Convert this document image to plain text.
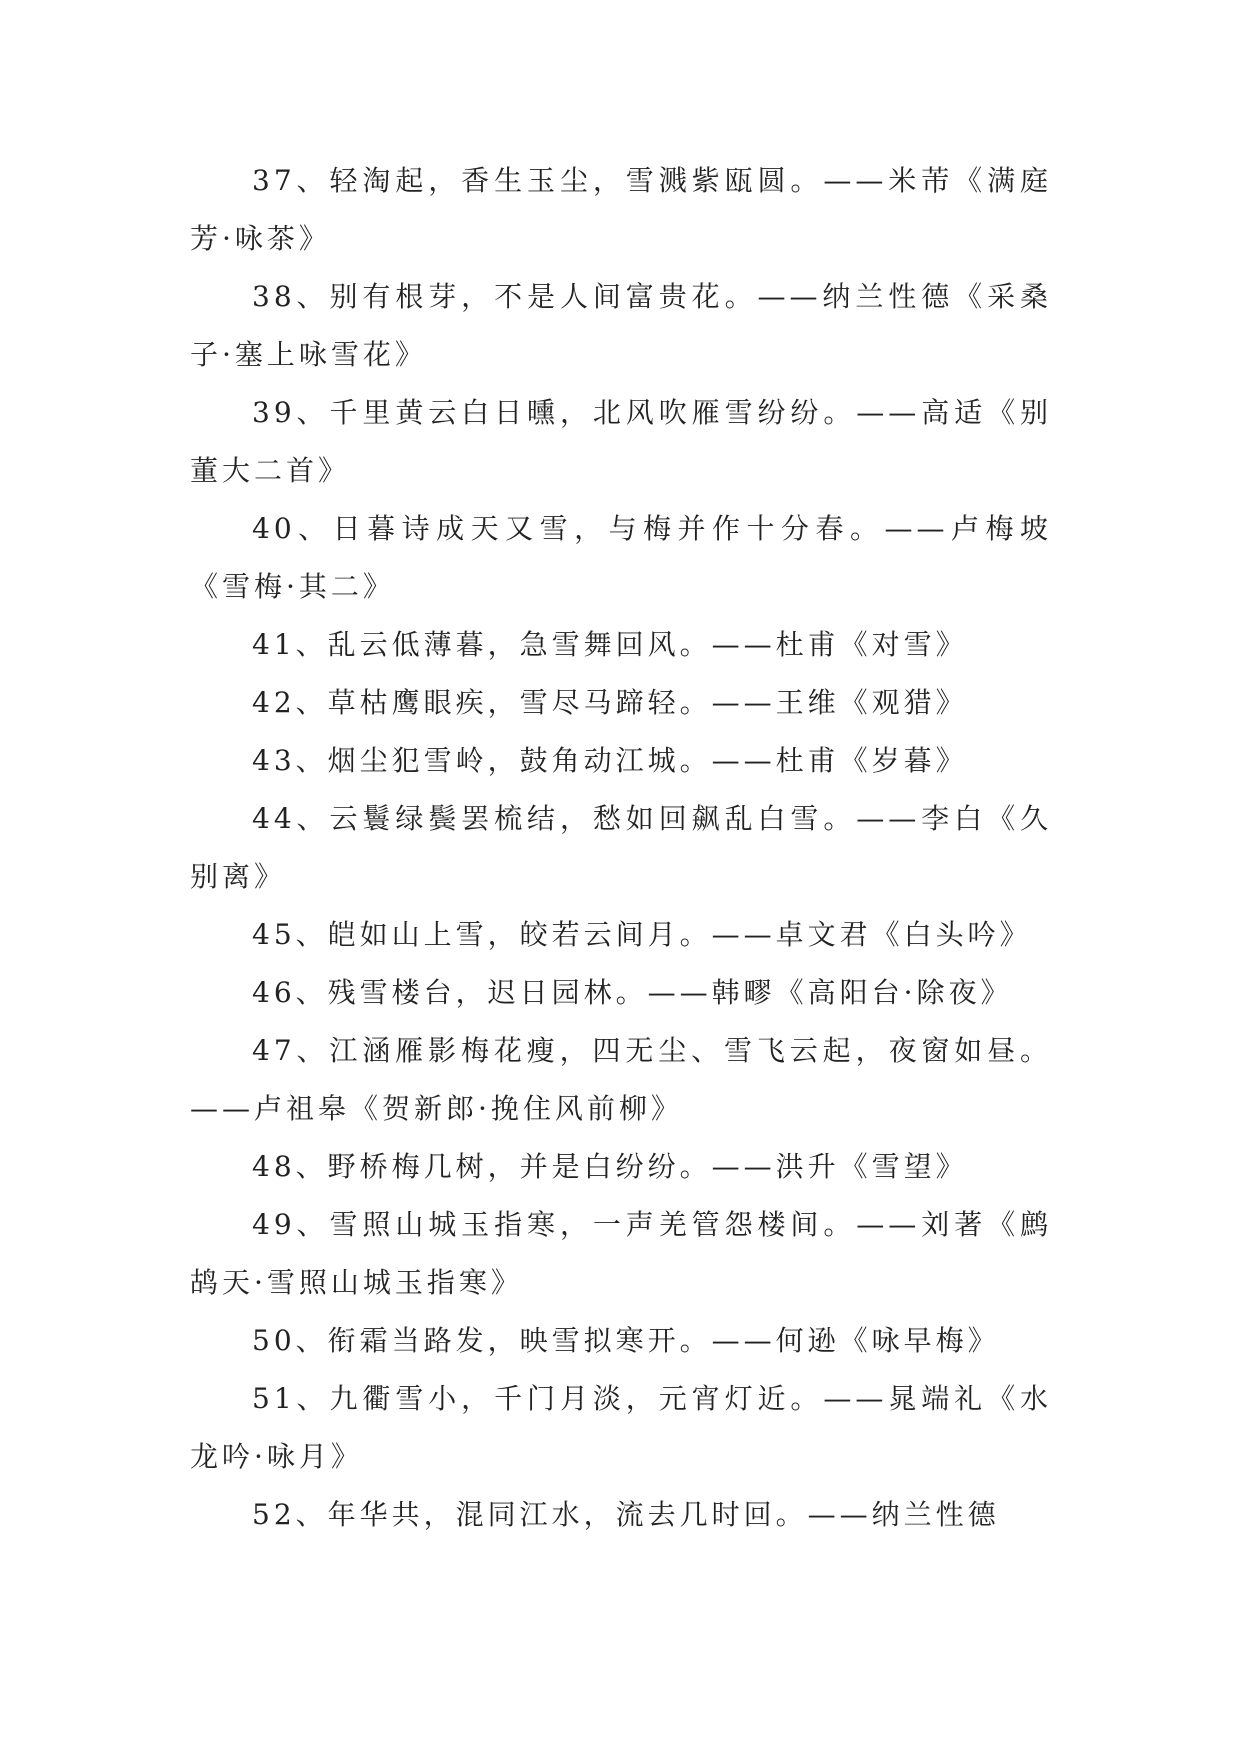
37、轻淘起，香生玉尘，雪溅紫瓯圆。——米芾《满庭芳·咏茶》

38、别有根芽，不是人间富贵花。——纳兰性德《采桑子·塞上咏雪花》

39、千里黄云白日曛，北风吹雁雪纷纷。——高适《别董大二首》

40、日暮诗成天又雪，与梅并作十分春。——卢梅坡《雪梅·其二》

41、乱云低薄暮，急雪舞回风。——杜甫《对雪》

42、草枯鹰眼疾，雪尽马蹄轻。——王维《观猎》

43、烟尘犯雪岭，鼓角动江城。——杜甫《岁暮》

44、云鬟绿鬓罢梳结，愁如回飙乱白雪。——李白《久别离》

45、皑如山上雪，皎若云间月。——卓文君《白头吟》

46、残雪楼台，迟日园林。——韩疁《高阳台·除夜》

47、江涵雁影梅花瘦，四无尘、雪飞云起，夜窗如昼。——卢祖皋《贺新郎·挽住风前柳》

48、野桥梅几树，并是白纷纷。——洪升《雪望》

49、雪照山城玉指寒，一声羌管怨楼间。——刘著《鹧鸪天·雪照山城玉指寒》

50、衔霜当路发，映雪拟寒开。——何逊《咏早梅》

51、九衢雪小，千门月淡，元宵灯近。——晁端礼《水龙吟·咏月》

52、年华共，混同江水，流去几时回。——纳兰性德
